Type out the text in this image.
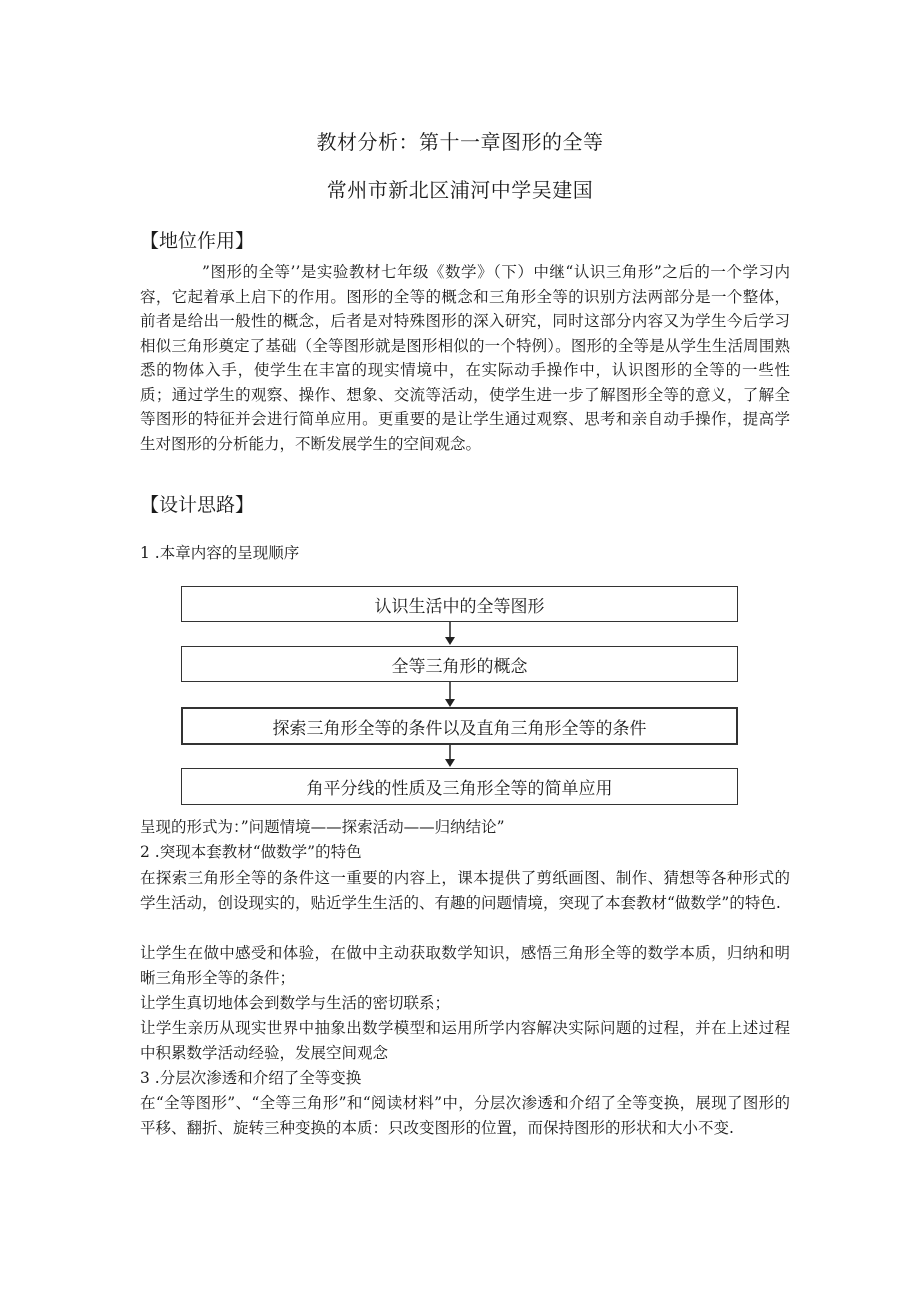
教材分析：第十一章图形的全等
常州市新北区浦河中学吴建国
【地位作用】
”图形的全等’’是实验教材七年级《数学》（下）中继“认识三角形”之后的一个学习内容，它起着承上启下的作用。图形的全等的概念和三角形全等的识别方法两部分是一个整体，前者是给出一般性的概念，后者是对特殊图形的深入研究，同时这部分内容又为学生今后学习相似三角形奠定了基础（全等图形就是图形相似的一个特例）。图形的全等是从学生生活周围熟悉的物体入手，使学生在丰富的现实情境中，在实际动手操作中，认识图形的全等的一些性质；通过学生的观察、操作、想象、交流等活动，使学生进一步了解图形全等的意义，了解全等图形的特征并会进行简单应用。更重要的是让学生通过观察、思考和亲自动手操作，提高学生对图形的分析能力，不断发展学生的空间观念。
【设计思路】
1 .本章内容的呈现顺序
认识生活中的全等图形
全等三角形的概念
探索三角形全等的条件以及直角三角形全等的条件
角平分线的性质及三角形全等的简单应用
呈现的形式为：”问题情境——探索活动——归纳结论”
2 .突现本套教材“做数学”的特色
在探索三角形全等的条件这一重要的内容上，课本提供了剪纸画图、制作、猜想等各种形式的学生活动，创设现实的，贴近学生生活的、有趣的问题情境，突现了本套教材“做数学”的特色.
让学生在做中感受和体验，在做中主动获取数学知识，感悟三角形全等的数学本质，归纳和明晰三角形全等的条件；
让学生真切地体会到数学与生活的密切联系；
让学生亲历从现实世界中抽象出数学模型和运用所学内容解决实际问题的过程，并在上述过程中积累数学活动经验，发展空间观念
3 .分层次渗透和介绍了全等变换
在“全等图形”、“全等三角形”和“阅读材料”中，分层次渗透和介绍了全等变换，展现了图形的平移、翻折、旋转三种变换的本质：只改变图形的位置，而保持图形的形状和大小不变.
